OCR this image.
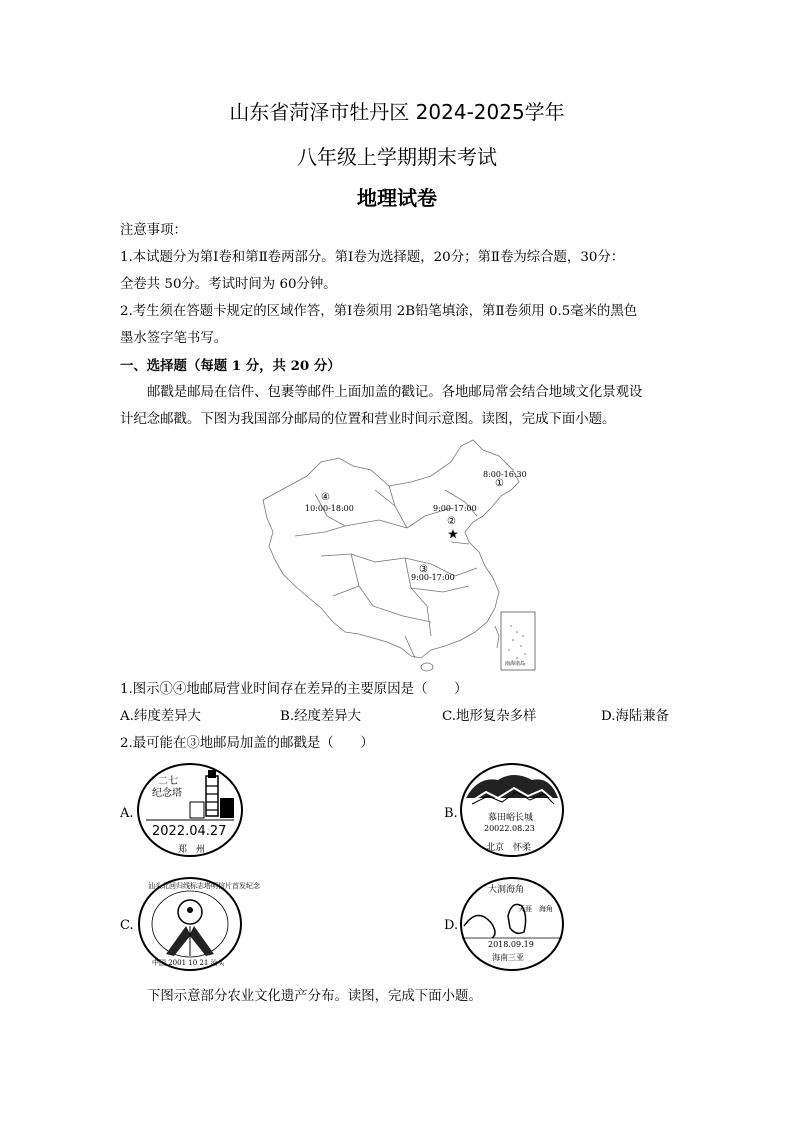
山东省菏泽市牡丹区 2024-2025学年
八年级上学期期末考试
地理试卷
注意事项：
1.本试题分为第Ⅰ卷和第Ⅱ卷两部分。第Ⅰ卷为选择题，20分；第Ⅱ卷为综合题，30分：
全卷共 50分。考试时间为 60分钟。
2.考生须在答题卡规定的区域作答，第Ⅰ卷须用 2B铅笔填涂，第Ⅱ卷须用 0.5毫米的黑色
墨水签字笔书写。
一、选择题（每题 1 分，共 20 分）
邮戳是邮局在信件、包裹等邮件上面加盖的戳记。各地邮局常会结合地域文化景观设
计纪念邮戳。下图为我国部分邮局的位置和营业时间示意图。读图，完成下面小题。
8:00-16:30
①
②
9:00-17:00
③
9:00-17:00
④
10:00-18:00
南海诸岛
1.图示①④地邮局营业时间存在差异的主要原因是（　　）
A.纬度差异大	B.经度差异大	C.地形复杂多样	D.海陆兼备
2.最可能在③地邮局加盖的邮戳是（　　）
A.
二七
纪念塔
2022.04.27
郑　州
B.	慕田峪长城
20022.08.23
北京　怀柔
C.
汕头北回归线标志塔明信片首发纪念
中国 2001 10 21 汕头
D.
大洞海角
天涯　海角
2018.09.19
海南三亚
下图示意部分农业文化遗产分布。读图，完成下面小题。
